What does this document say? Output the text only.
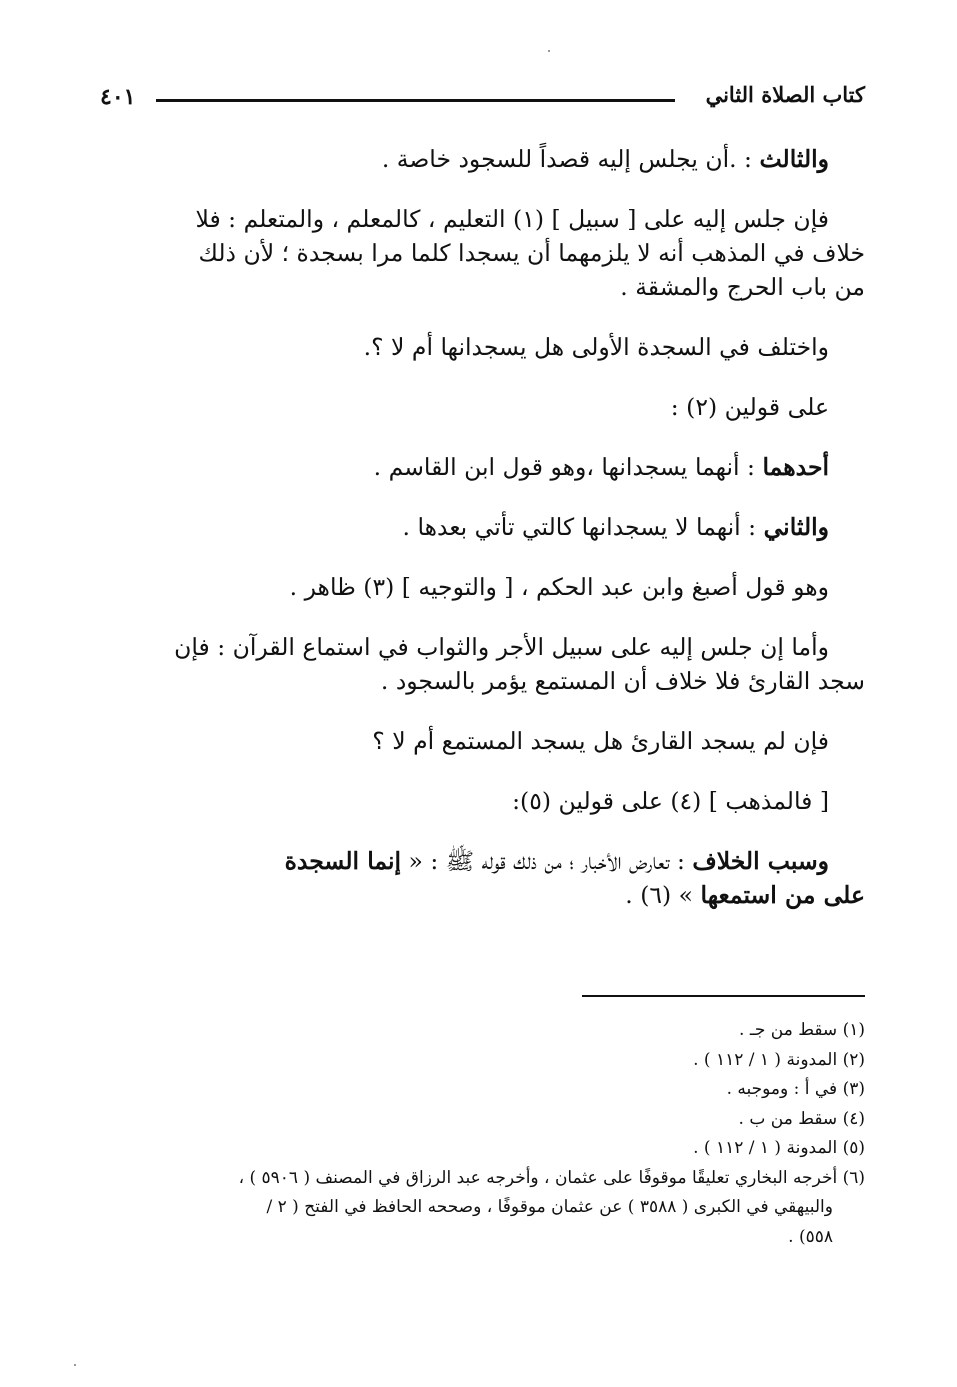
كتاب الصلاة الثاني
٤٠١
والثالث : .أن يجلس إليه قصداً للسجود خاصة .
فإن جلس إليه على [ سبيل ] (١) التعليم ، كالمعلم ، والمتعلم : فلا
خلاف في المذهب أنه لا يلزمهما أن يسجدا كلما مرا بسجدة ؛ لأن ذلك
من باب الحرج والمشقة .
واختلف في السجدة الأولى هل يسجدانها أم لا ؟.
على قولين (٢) :
أحدهما : أنهما يسجدانها ،وهو قول ابن القاسم .
والثاني : أنهما لا يسجدانها كالتي تأتي بعدها .
وهو قول أصبغ وابن عبد الحكم ، [ والتوجيه ] (٣) ظاهر .
وأما إن جلس إليه على سبيل الأجر والثواب في استماع القرآن : فإن
سجد القارئ فلا خلاف أن المستمع يؤمر بالسجود .
فإن لم يسجد القارئ هل يسجد المستمع أم لا ؟
[ فالمذهب ] (٤) على قولين (٥):
وسبب الخلاف : تعارض الأخبار ؛ من ذلك قوله ﷺ : « إنما السجدة
على من استمعها » (٦) .
(١) سقط من جـ .
(٢) المدونة ( ١ / ١١٢ ) .
(٣) في أ : وموجبه .
(٤) سقط من ب .
(٥) المدونة ( ١ / ١١٢ ) .
(٦) أخرجه البخاري تعليقًا موقوفًا على عثمان ، وأخرجه عبد الرزاق في المصنف ( ٥٩٠٦ ) ،
والبيهقي في الكبرى ( ٣٥٨٨ ) عن عثمان موقوفًا ، وصححه الحافظ في الفتح ( ٢ /
٥٥٨) .
